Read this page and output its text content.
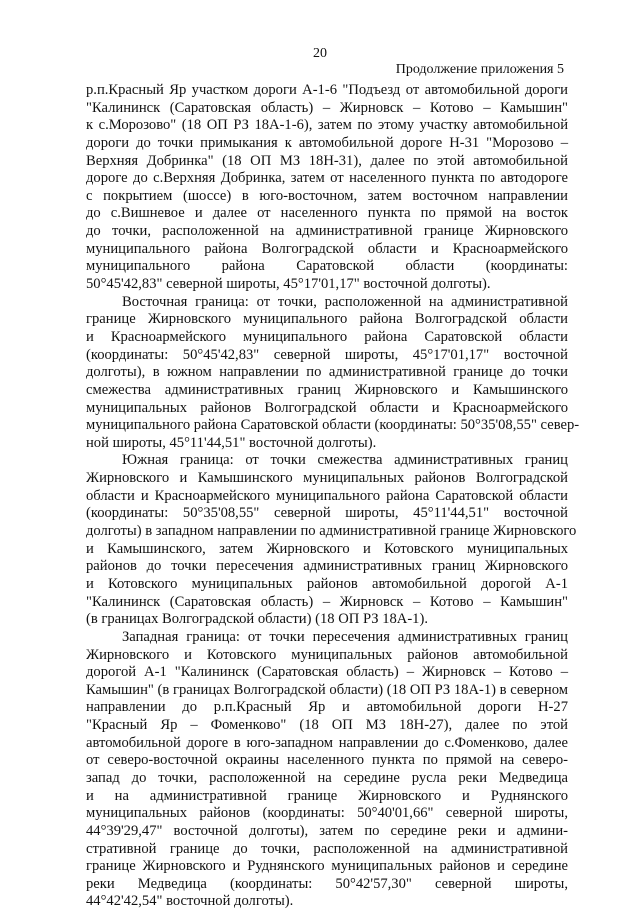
20
Продолжение приложения 5
р.п.Красный Яр участком дороги А-1-6 "Подъезд от автомобильной дороги
"Калининск (Саратовская область) – Жирновск – Котово – Камышин"
к с.Морозово" (18 ОП РЗ 18А-1-6), затем по этому участку автомобильной
дороги до точки примыкания к автомобильной дороге Н-31 "Морозово –
Верхняя Добринка" (18 ОП МЗ 18Н-31), далее по этой автомобильной
дороге до с.Верхняя Добринка, затем от населенного пункта по автодороге
с покрытием (шоссе) в юго-восточном, затем восточном направлении
до с.Вишневое и далее от населенного пункта по прямой на восток
до точки, расположенной на административной границе Жирновского
муниципального района Волгоградской области и Красноармейского
муниципального района Саратовской области (координаты:
50°45'42,83" северной широты, 45°17'01,17" восточной долготы).
Восточная граница: от точки, расположенной на административной
границе Жирновского муниципального района Волгоградской области
и Красноармейского муниципального района Саратовской области
(координаты: 50°45'42,83" северной широты, 45°17'01,17" восточной
долготы), в южном направлении по административной границе до точки
смежества административных границ Жирновского и Камышинского
муниципальных районов Волгоградской области и Красноармейского
муниципального района Саратовской области (координаты: 50°35'08,55" север-
ной широты, 45°11'44,51" восточной долготы).
Южная граница: от точки смежества административных границ
Жирновского и Камышинского муниципальных районов Волгоградской
области и Красноармейского муниципального района Саратовской области
(координаты: 50°35'08,55" северной широты, 45°11'44,51" восточной
долготы) в западном направлении по административной границе Жирновского
и Камышинского, затем Жирновского и Котовского муниципальных
районов до точки пересечения административных границ Жирновского
и Котовского муниципальных районов автомобильной дорогой А-1
"Калининск (Саратовская область) – Жирновск – Котово – Камышин"
(в границах Волгоградской области) (18 ОП РЗ 18А-1).
Западная граница: от точки пересечения административных границ
Жирновского и Котовского муниципальных районов автомобильной
дорогой А-1 "Калининск (Саратовская область) – Жирновск – Котово –
Камышин" (в границах Волгоградской области) (18 ОП РЗ 18А-1) в северном
направлении до р.п.Красный Яр и автомобильной дороги Н-27
"Красный Яр – Фоменково" (18 ОП МЗ 18Н-27), далее по этой
автомобильной дороге в юго-западном направлении до с.Фоменково, далее
от северо-восточной окраины населенного пункта по прямой на северо-
запад до точки, расположенной на середине русла реки Медведица
и на административной границе Жирновского и Руднянского
муниципальных районов (координаты: 50°40'01,66" северной широты,
44°39'29,47" восточной долготы), затем по середине реки и админи-
стративной границе до точки, расположенной на административной
границе Жирновского и Руднянского муниципальных районов и середине
реки Медведица (координаты: 50°42'57,30" северной широты,
44°42'42,54" восточной долготы).
